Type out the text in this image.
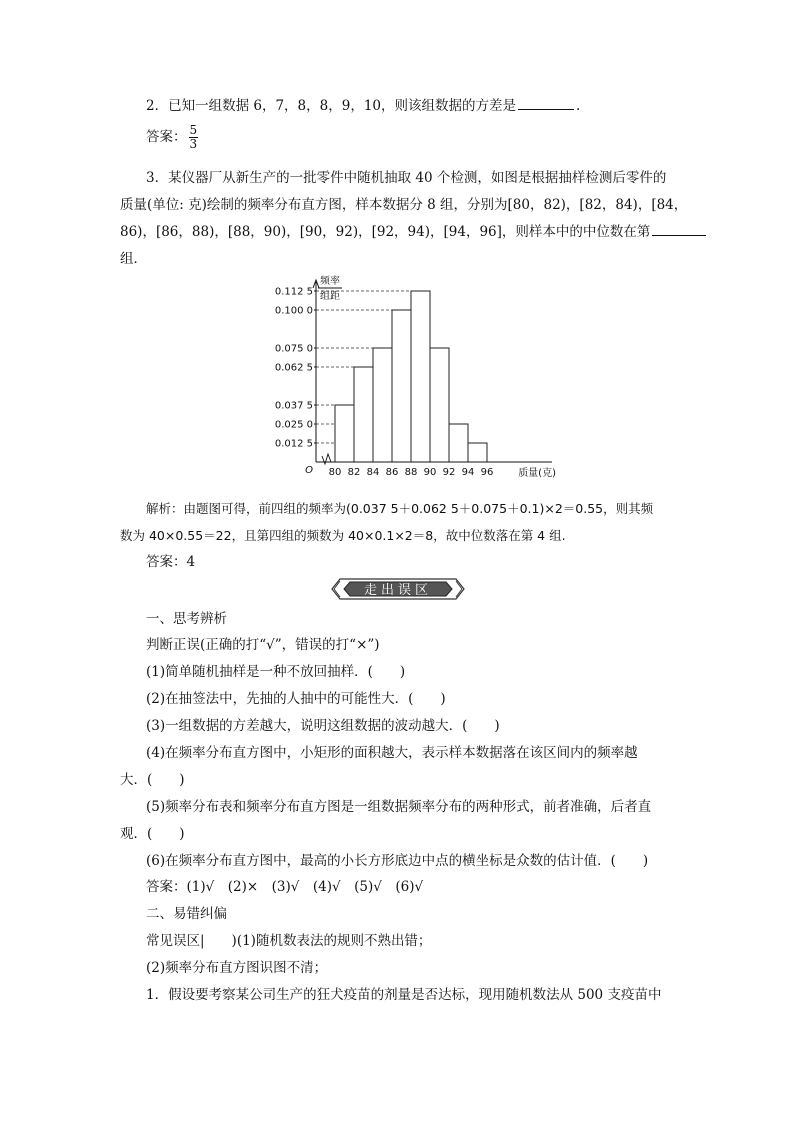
2．已知一组数据 6，7，8，8，9，10，则该组数据的方差是	.
答案： $\frac{5}{3}$
3．某仪器厂从新生产的一批零件中随机抽取 40 个检测，如图是根据抽样检测后零件的
质量(单位: 克)绘制的频率分布直方图，样本数据分 8 组，分别为[80，82)，[82，84)，[84，
86)，[86，88)，[88，90)，[90，92)，[92，94)，[94，96]，则样本中的中位数在第
组．
0.012 5
0.025 0
0.037 5
0.062 5
0.075 0
0.100 0
0.112 5
80 82 84 86 88 90 92 94 96
O	质量(克)
频率
组距
解析：由题图可得，前四组的频率为(0.037 5＋0.062 5＋0.075＋0.1)×2＝0.55，则其频
数为 40×0.55＝22，且第四组的频数为 40×0.1×2＝8，故中位数落在第 4 组.
答案：4
走出误区
一、思考辨析
判断正误(正确的打“√”，错误的打“×”)
(1)简单随机抽样是一种不放回抽样．(　　)
(2)在抽签法中，先抽的人抽中的可能性大．(　　)
(3)一组数据的方差越大，说明这组数据的波动越大．(　　)
(4)在频率分布直方图中，小矩形的面积越大，表示样本数据落在该区间内的频率越
大．(　　)
(5)频率分布表和频率分布直方图是一组数据频率分布的两种形式，前者准确，后者直
观．(　　)
(6)在频率分布直方图中，最高的小长方形底边中点的横坐标是众数的估计值．(　　)
答案：(1)√　(2)×　(3)√　(4)√　(5)√　(6)√
二、易错纠偏
常见误区|　　)(1)随机数表法的规则不熟出错；
(2)频率分布直方图识图不清；
1．假设要考察某公司生产的狂犬疫苗的剂量是否达标，现用随机数法从 500 支疫苗中
